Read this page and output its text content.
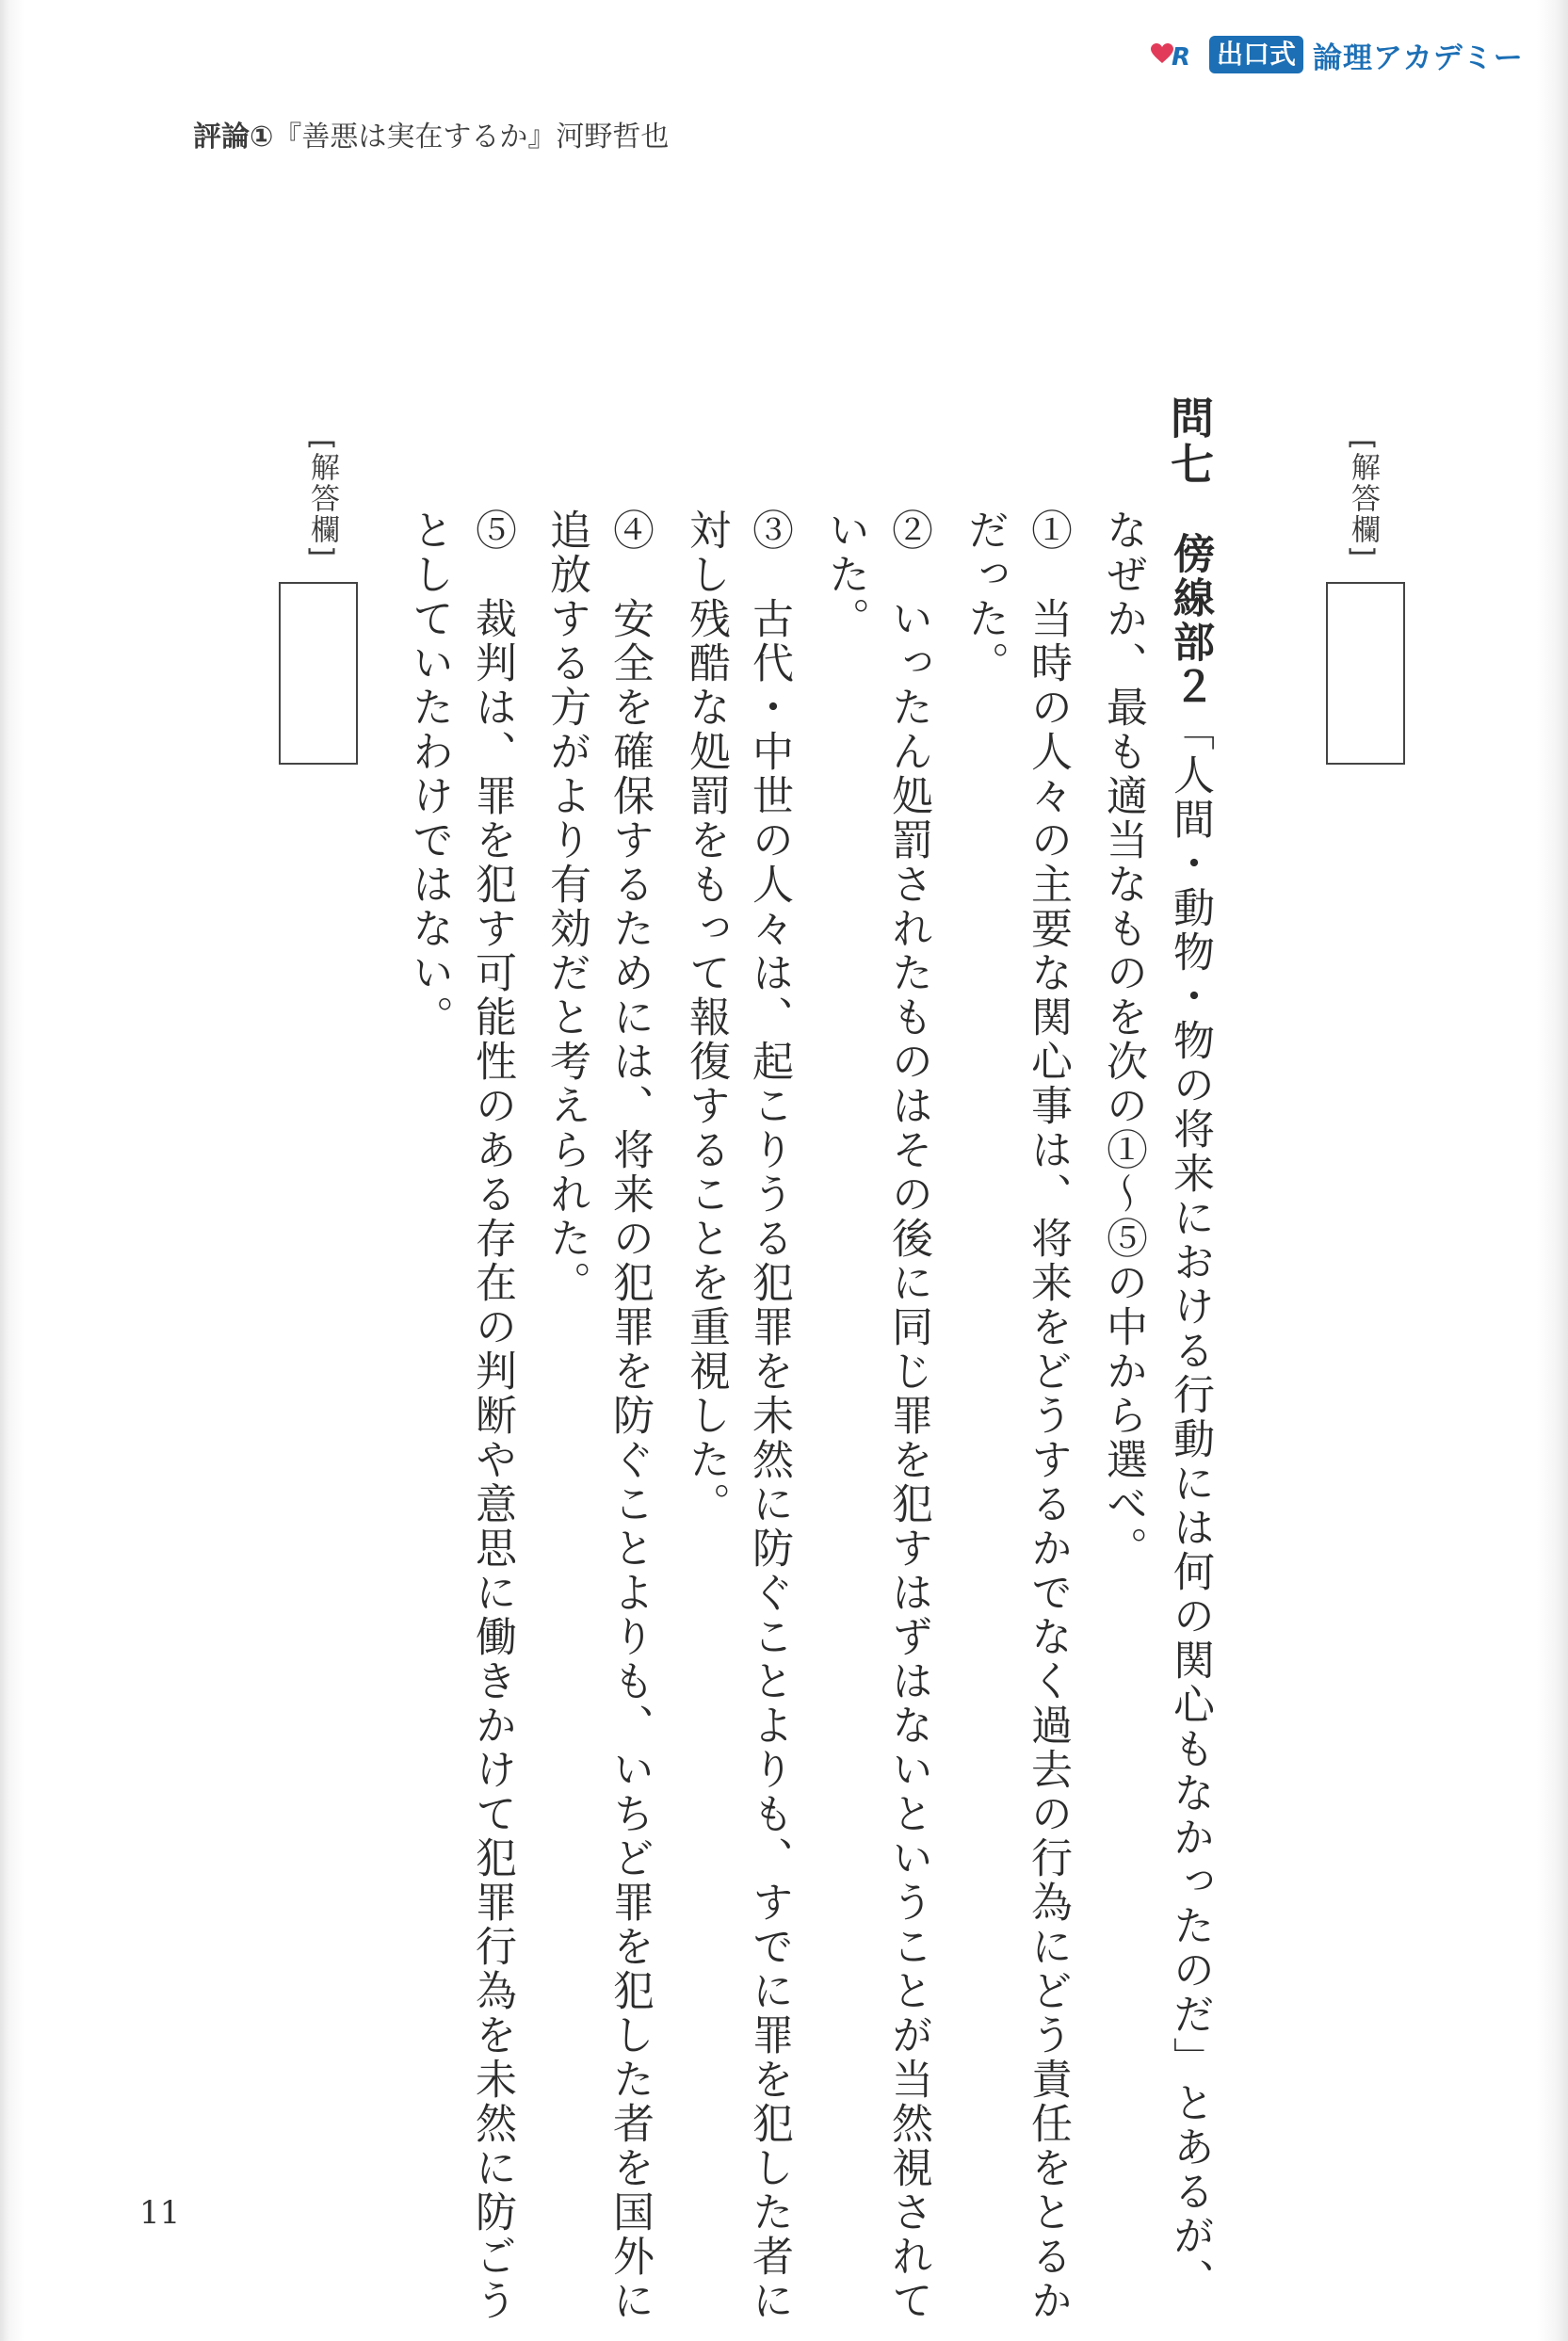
R 出口式 論理アカデミー
評論①『善悪は実在するか』河野哲也
[解答欄]
問七　傍線部２「人間・動物・物の将来における行動には何の関心もなかったのだ」とあるが、
なぜか、最も適当なものを次の①～⑤の中から選べ。
①　当時の人々の主要な関心事は、将来をどうするかでなく過去の行為にどう責任をとるか
だった。
②　いったん処罰されたものはその後に同じ罪を犯すはずはないということが当然視されて
いた。
③　古代・中世の人々は、起こりうる犯罪を未然に防ぐことよりも、すでに罪を犯した者に
対し残酷な処罰をもって報復することを重視した。
④　安全を確保するためには、将来の犯罪を防ぐことよりも、いちど罪を犯した者を国外に
追放する方がより有効だと考えられた。
⑤　裁判は、罪を犯す可能性のある存在の判断や意思に働きかけて犯罪行為を未然に防ごう
としていたわけではない。
[解答欄]
11
